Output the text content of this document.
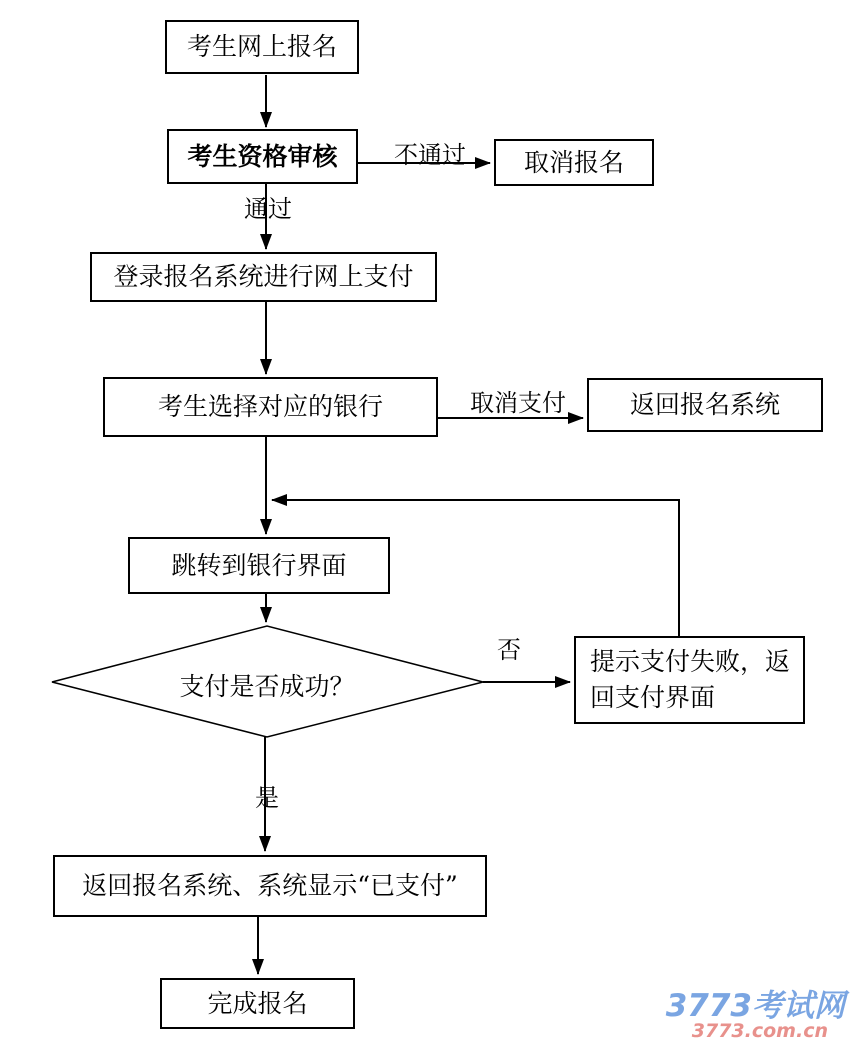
考生网上报名
考生资格审核	取消报名
登录报名系统进行网上支付
考生选择对应的银行	返回报名系统
跳转到银行界面
支付是否成功？
提示支付失败，返回支付界面
返回报名系统、系统显示“已支付”
完成报名
不通过
通过
取消支付
否
是
3773考试网
3773.com.cn
